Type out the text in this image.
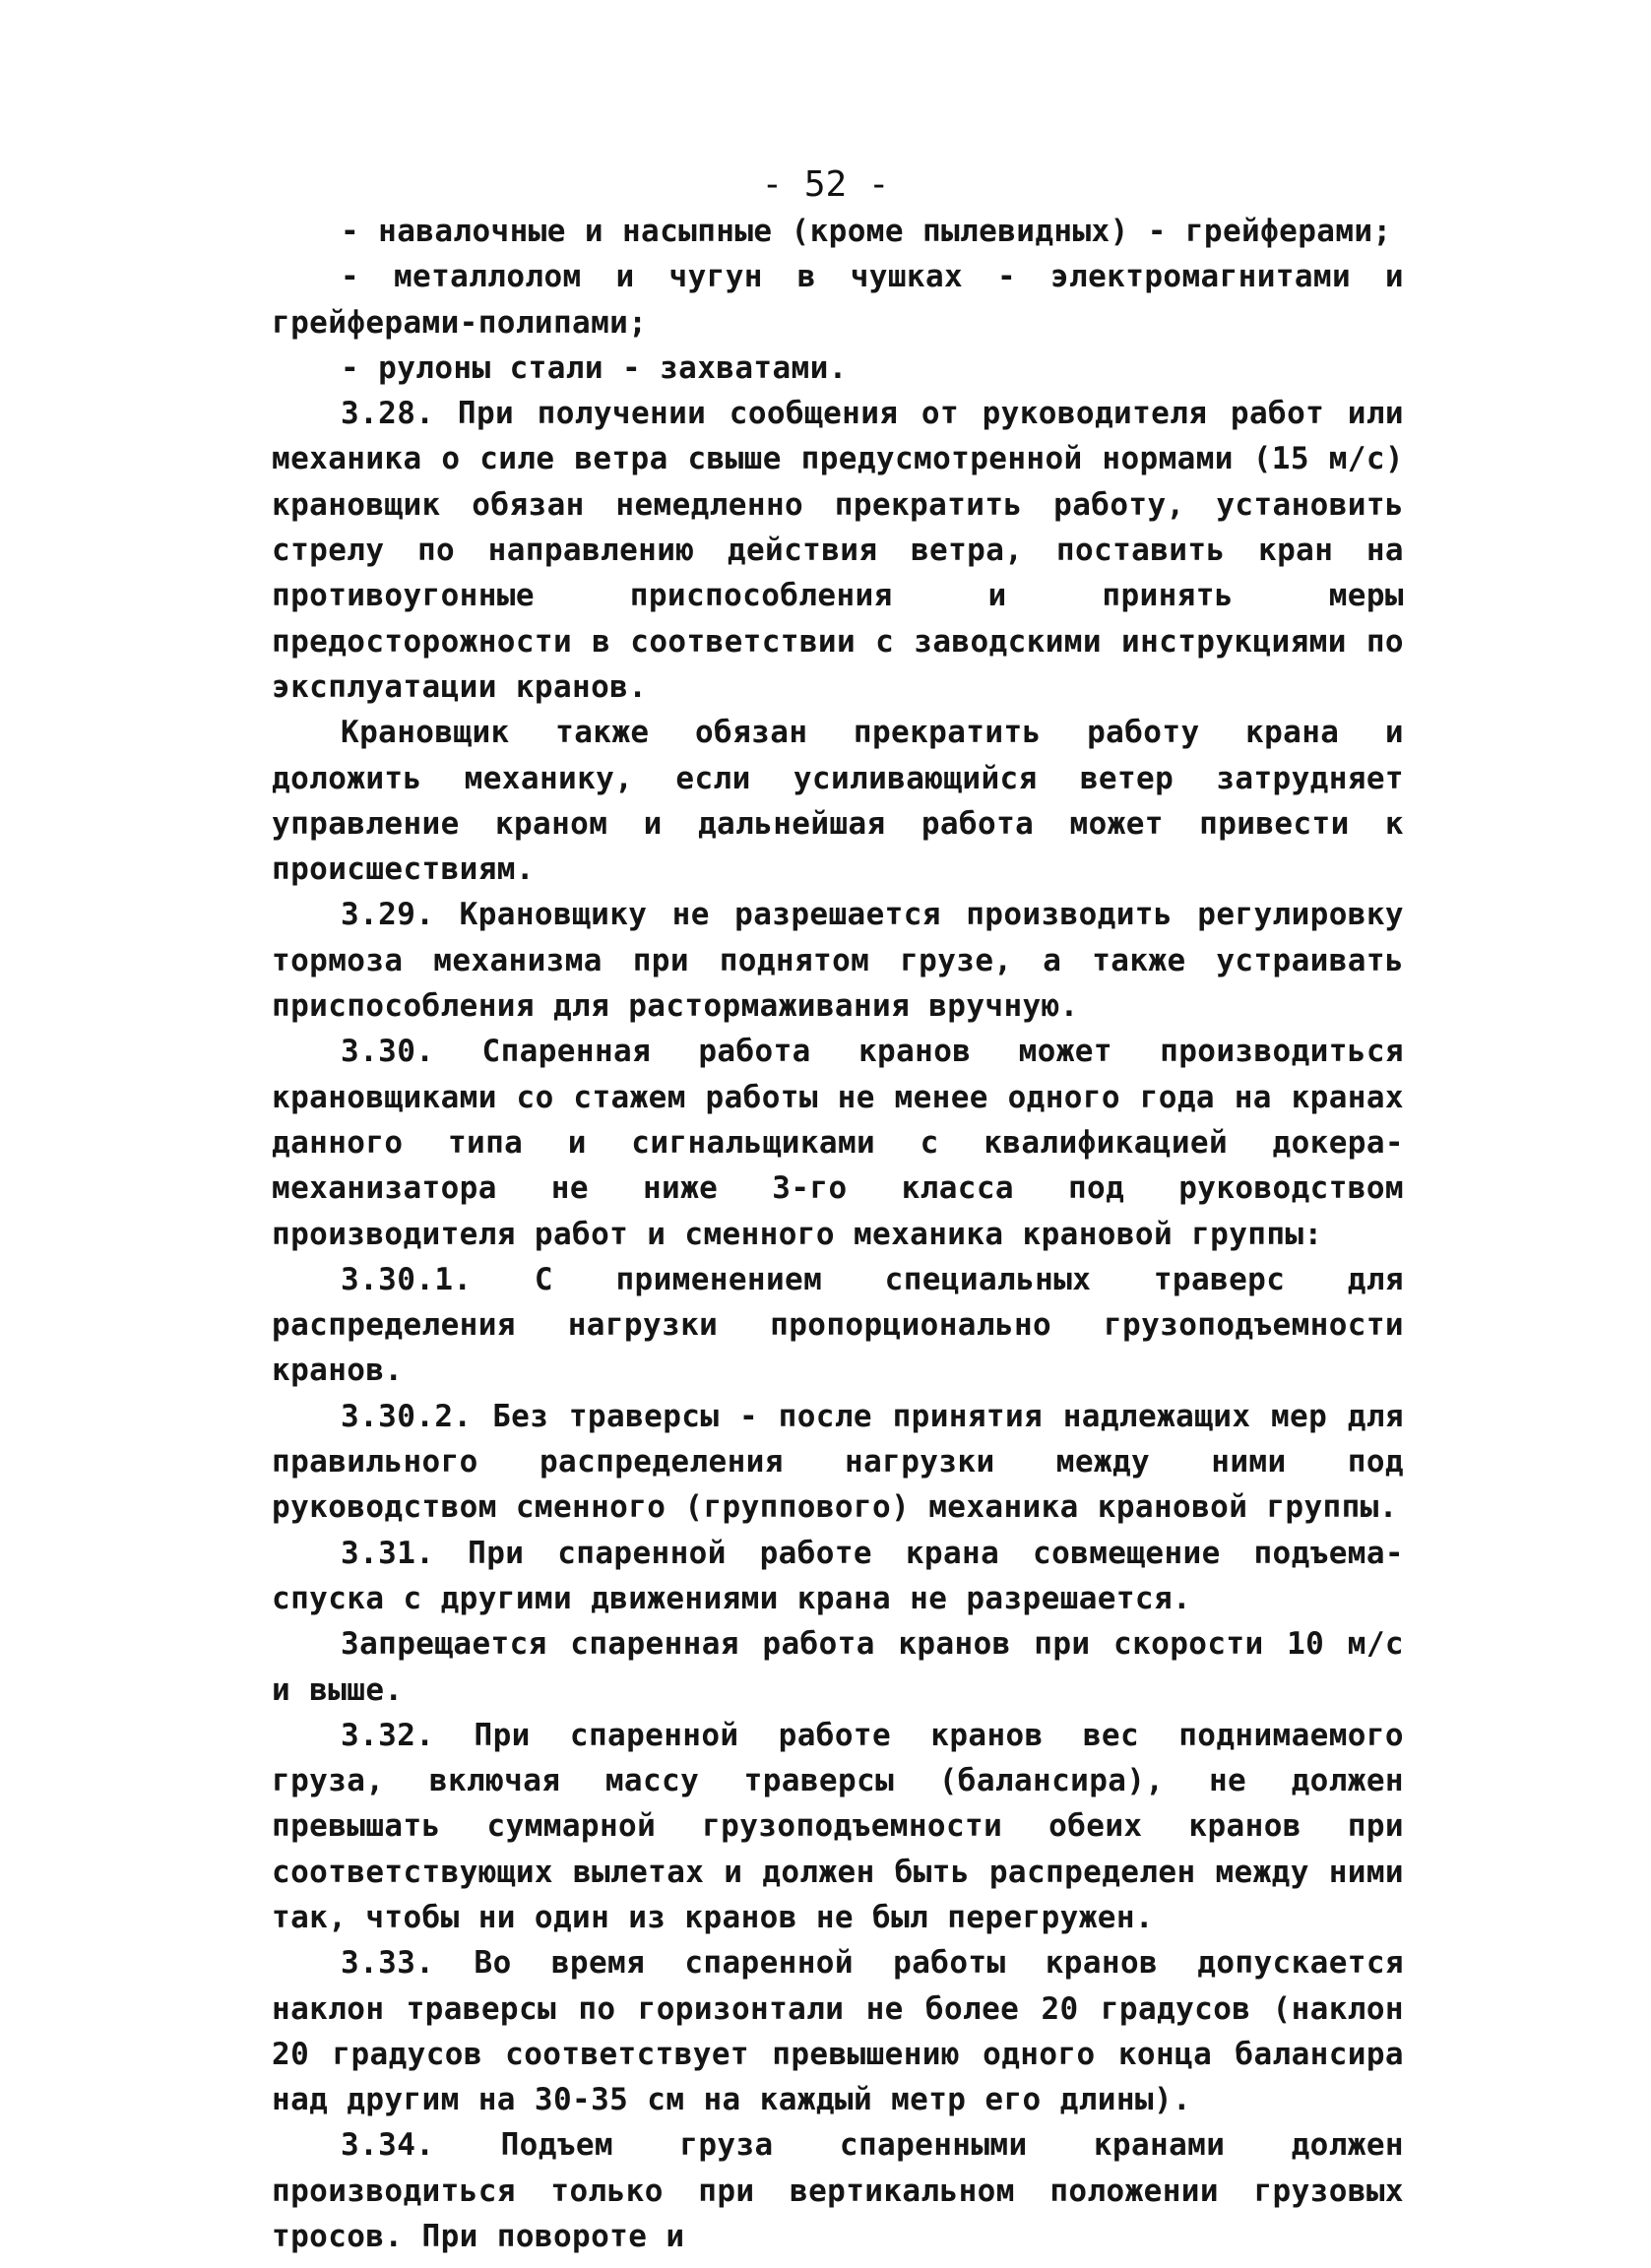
- 52 -

- навалочные и насыпные (кроме пылевидных) - грейферами;

- металлолом и чугун в чушках - электромагнитами и грейферами-полипами;

- рулоны стали - захватами.

3.28. При получении сообщения от руководителя работ или механика о силе ветра свыше предусмотренной нормами (15 м/с) крановщик обязан немедленно прекратить работу, установить стрелу по направлению действия ветра, поставить кран на противоугонные приспособления и принять меры предосторожности в соответствии с заводскими инструкциями по эксплуатации кранов.

Крановщик также обязан прекратить работу крана и доложить механику, если усиливающийся ветер затрудняет управление краном и дальнейшая работа может привести к происшествиям.

3.29. Крановщику не разрешается производить регулировку тормоза механизма при поднятом грузе, а также устраивать приспособления для растормаживания вручную.

3.30. Спаренная работа кранов может производиться крановщиками со стажем работы не менее одного года на кранах данного типа и сигнальщиками с квалификацией докера-механизатора не ниже 3-го класса под руководством производителя работ и сменного механика крановой группы:

3.30.1. С применением специальных траверс для распределения нагрузки пропорционально грузоподъемности кранов.

3.30.2. Без траверсы - после принятия надлежащих мер для правильного распределения нагрузки между ними под руководством сменного (группового) механика крановой группы.

3.31. При спаренной работе крана совмещение подъема-спуска с другими движениями крана не разрешается.

Запрещается спаренная работа кранов при скорости 10 м/с и выше.

3.32. При спаренной работе кранов вес поднимаемого груза, включая массу траверсы (балансира), не должен превышать суммарной грузоподъемности обеих кранов при соответствующих вылетах и должен быть распределен между ними так, чтобы ни один из кранов не был перегружен.

3.33. Во время спаренной работы кранов допускается наклон траверсы по горизонтали не более 20 градусов (наклон 20 градусов соответствует превышению одного конца балансира над другим на 30-35 см на каждый метр его длины).

3.34. Подъем груза спаренными кранами должен производиться только при вертикальном положении грузовых тросов. При повороте и
